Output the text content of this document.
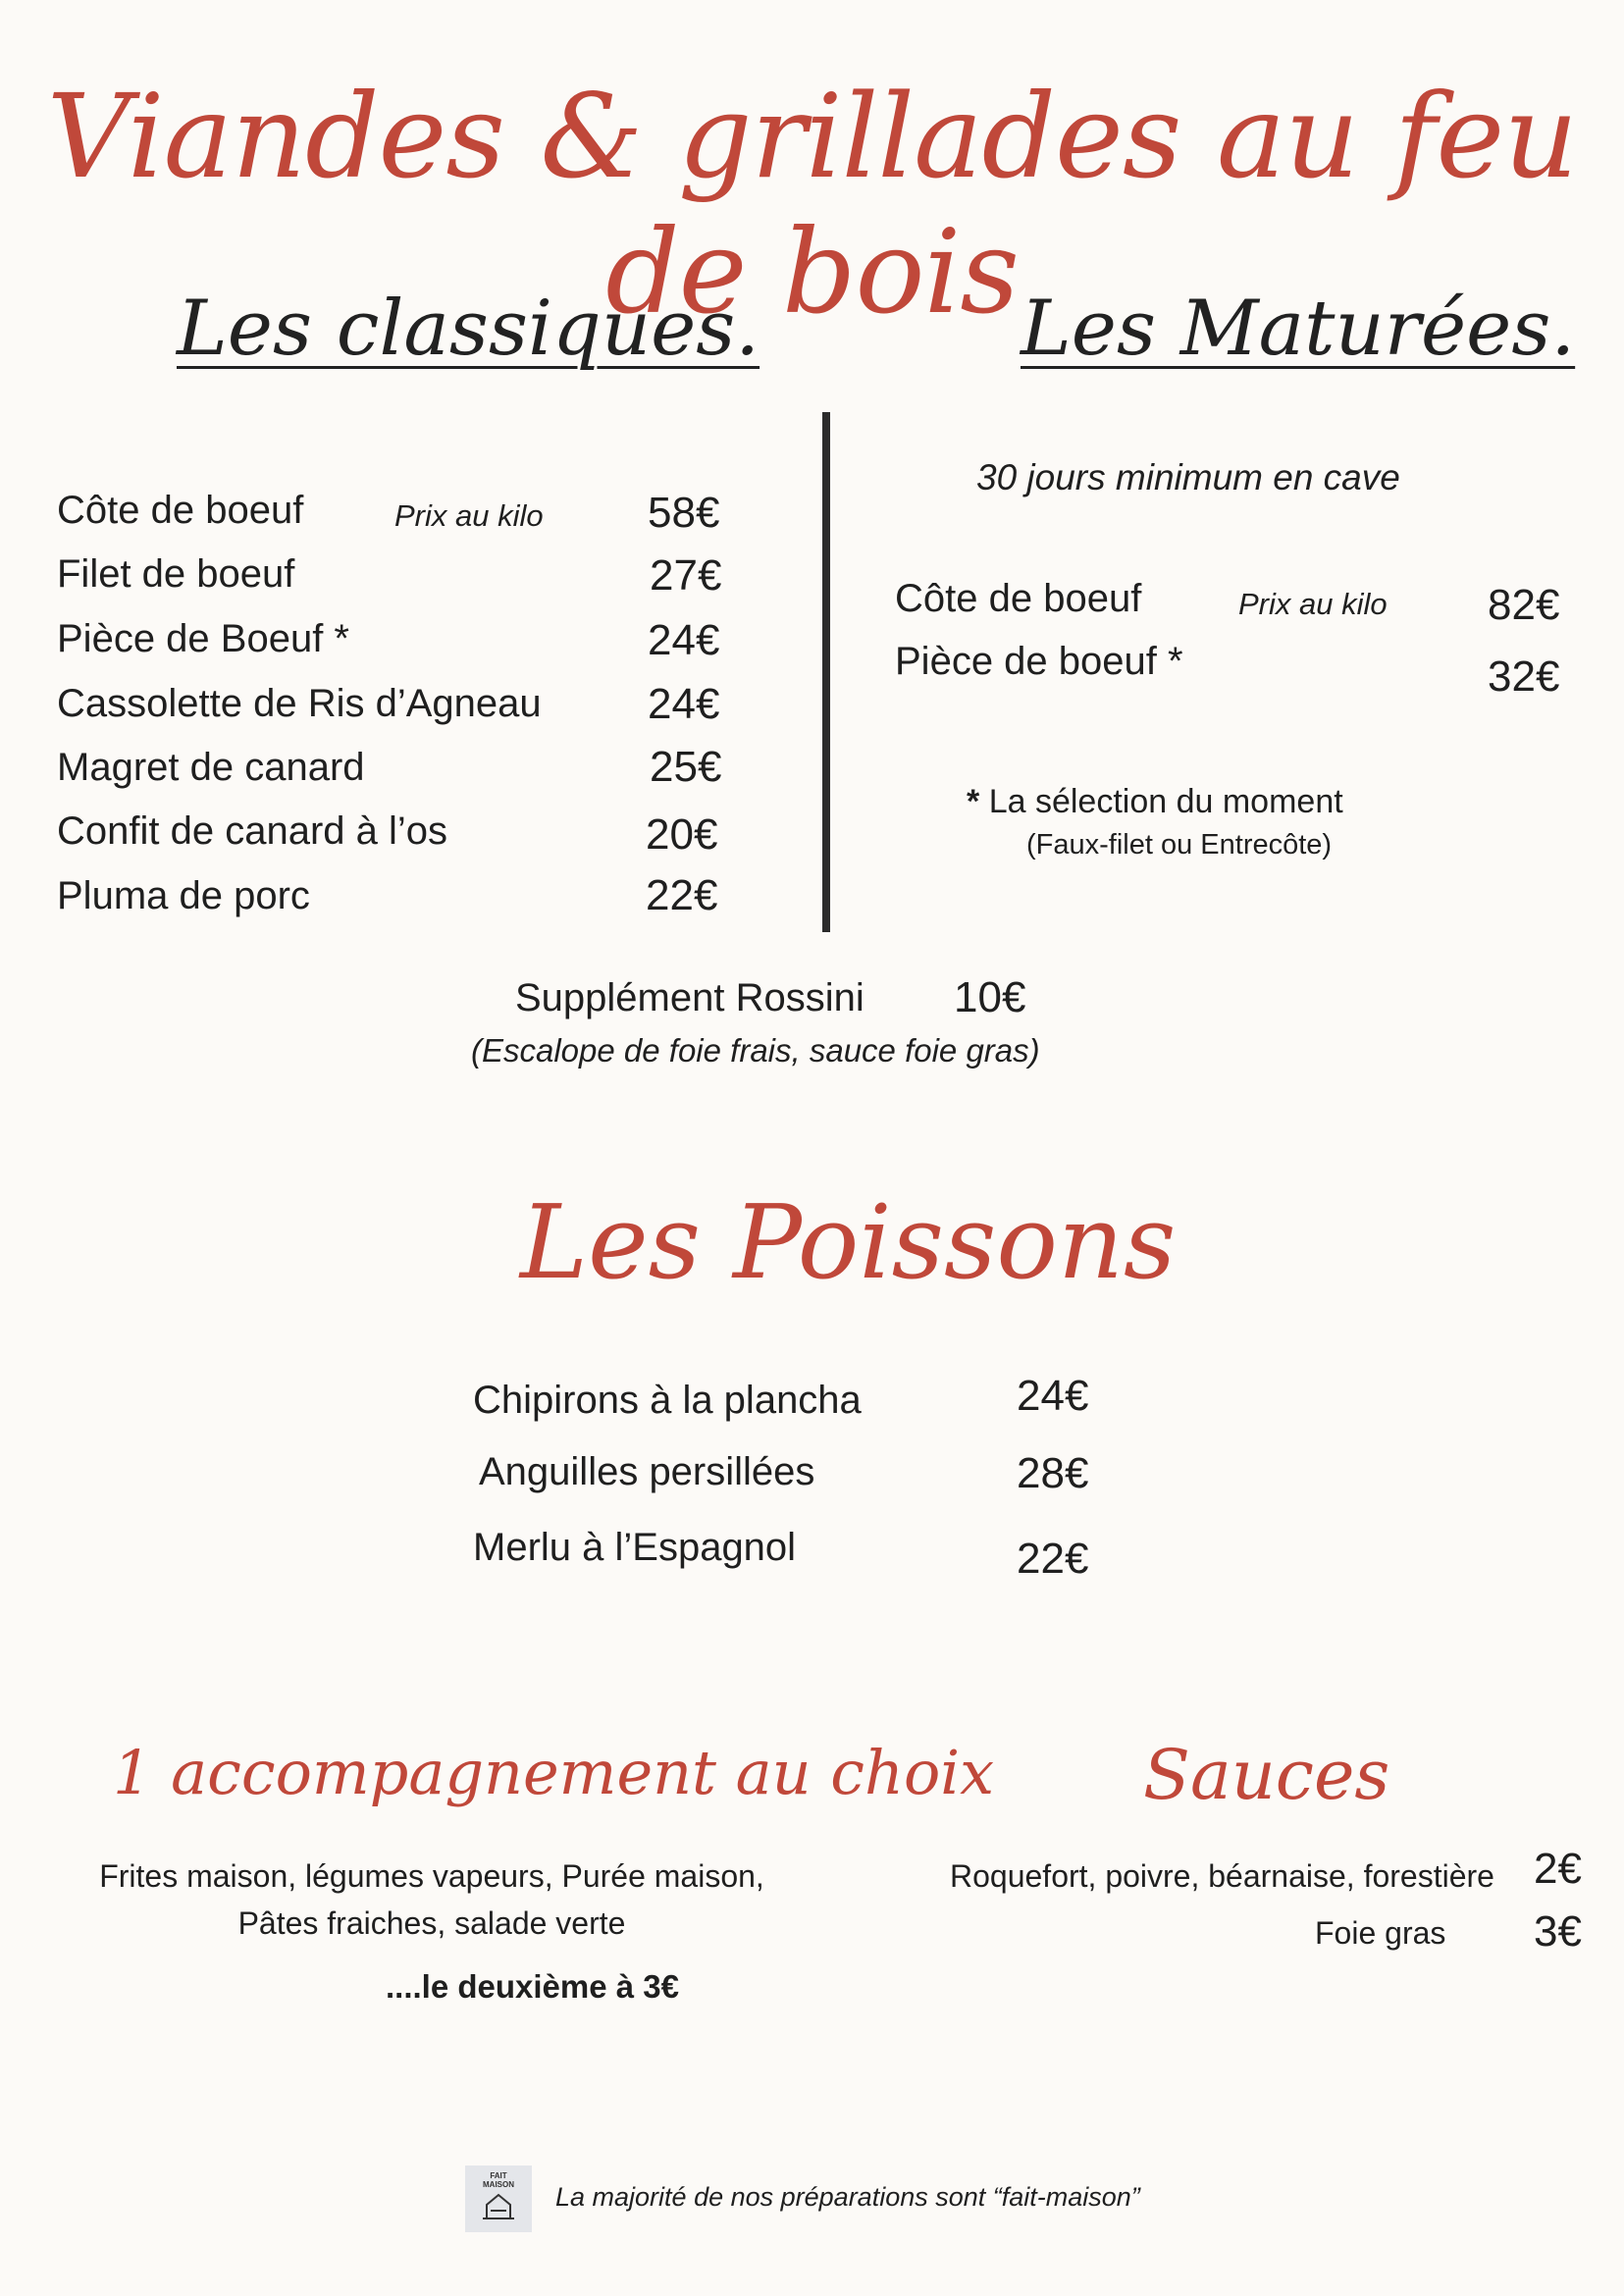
Viandes & grillades au feu de bois
Les classiques.
Côte de boeuf	Prix au kilo 58€
Filet de boeuf	27€
Pièce de Boeuf *	24€
Cassolette de Ris d’Agneau 24€
Magret de canard	25€
Confit de canard à l’os	20€
Pluma de porc	22€
Les Maturées.
30 jours minimum en cave
Côte de boeuf	Prix au kilo 82€
Pièce de boeuf *	32€
* La sélection du moment
(Faux-filet ou Entrecôte)
Supplément Rossini 10€
(Escalope de foie frais, sauce foie gras)
Les Poissons
Chipirons à la plancha	24€
Anguilles persillées	28€
Merlu à l’Espagnol	22€
1 accompagnement au choix
Frites maison, légumes vapeurs, Purée maison,
Pâtes fraiches, salade verte
....le deuxième à 3€
Sauces
Roquefort, poivre, béarnaise, forestière 2€
Foie gras 3€
FAIT
MAISON	La majorité de nos préparations sont “fait-maison”
